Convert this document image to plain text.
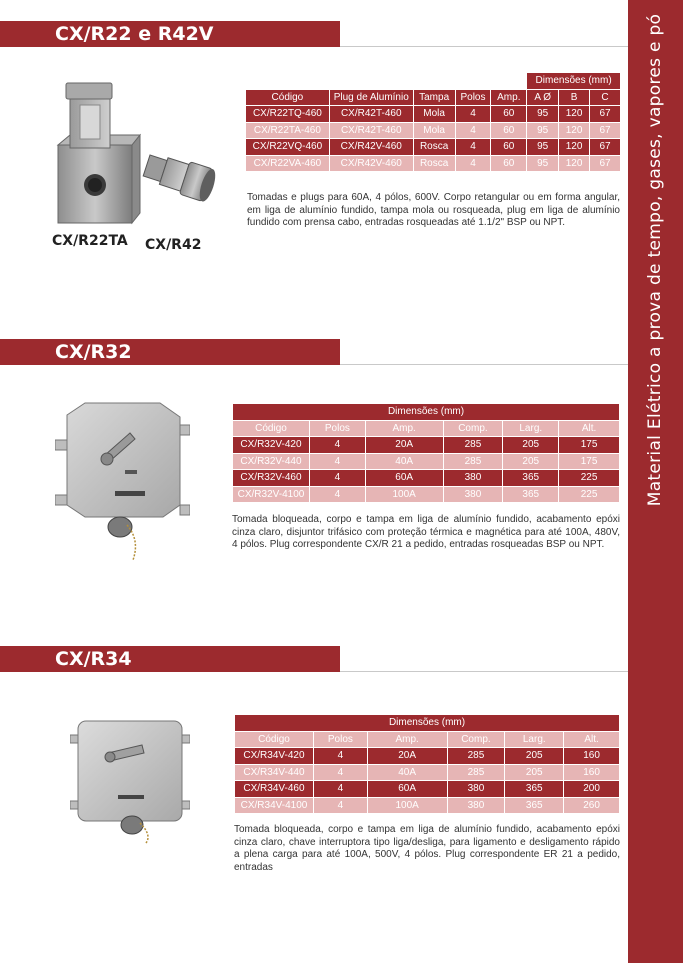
Material Elétrico a prova de tempo, gases, vapores e pó
CX/R22 e R42V
CX/R22TA CX/R42
					Dimensões (mm)		
Código	Plug de Alumínio	Tampa	Polos	Amp.	A Ø	B	C
CX/R22TQ-460	CX/R42T-460	Mola	4	60	95	120	67
CX/R22TA-460	CX/R42T-460	Mola	4	60	95	120	67
CX/R22VQ-460	CX/R42V-460	Rosca	4	60	95	120	67
CX/R22VA-460	CX/R42V-460	Rosca	4	60	95	120	67
Tomadas e plugs para 60A, 4 pólos, 600V. Corpo retangular ou em forma angular, em liga de alumínio fundido, tampa mola ou rosqueada, plug em liga de alumínio fundido com prensa cabo, entradas rosqueadas até 1.1/2" BSP ou NPT.
CX/R32
Dimensões (mm)					
Código	Polos	Amp.	Comp.	Larg.	Alt.
CX/R32V-420	4	20A	285	205	175
CX/R32V-440	4	40A	285	205	175
CX/R32V-460	4	60A	380	365	225
CX/R32V-4100	4	100A	380	365	225
Tomada bloqueada, corpo e tampa em liga de alumínio fundido, acabamento epóxi cinza claro, disjuntor trifásico com proteção térmica e magnética para até 100A, 480V, 4 pólos. Plug correspondente CX/R 21 a pedido, entradas rosqueadas BSP ou NPT.
CX/R34
Dimensões (mm)					
Código	Polos	Amp.	Comp.	Larg.	Alt.
CX/R34V-420	4	20A	285	205	160
CX/R34V-440	4	40A	285	205	160
CX/R34V-460	4	60A	380	365	200
CX/R34V-4100	4	100A	380	365	260
Tomada bloqueada, corpo e tampa em liga de alumínio fundido, acabamento epóxi cinza claro, chave interruptora tipo liga/desliga, para ligamento e desligamento rápido a plena carga para até 100A, 500V, 4 pólos. Plug correspondente ER 21 a pedido, entradas
